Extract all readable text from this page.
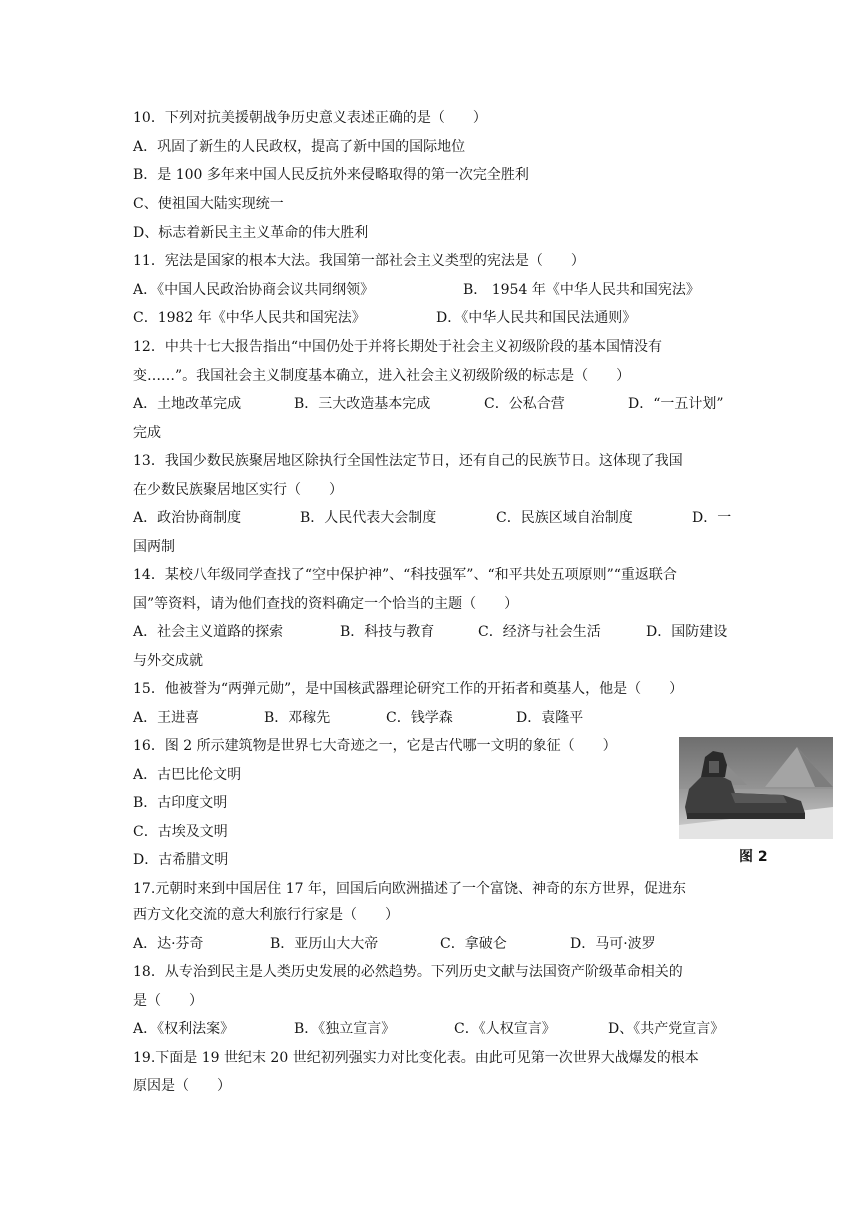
10．下列对抗美援朝战争历史意义表述正确的是（　　）
A．巩固了新生的人民政权，提高了新中国的国际地位
B．是 100 多年来中国人民反抗外来侵略取得的第一次完全胜利
C、使祖国大陆实现统一
D、标志着新民主主义革命的伟大胜利
11．宪法是国家的根本大法。我国第一部社会主义类型的宪法是（　　）
A．《中国人民政治协商会议共同纲领》	B． 1954 年《中华人民共和国宪法》
C．1982 年《中华人民共和国宪法》	D．《中华人民共和国民法通则》
12．中共十七大报告指出“中国仍处于并将长期处于社会主义初级阶段的基本国情没有
变……”。我国社会主义制度基本确立，进入社会主义初级阶级的标志是（　　）
A．土地改革完成	B．三大改造基本完成	C．公私合营	D．“一五计划”
完成
13．我国少数民族聚居地区除执行全国性法定节日，还有自己的民族节日。这体现了我国
在少数民族聚居地区实行（　　）
A．政治协商制度	B．人民代表大会制度	C．民族区域自治制度	D．一
国两制
14．某校八年级同学查找了“空中保护神”、“科技强军”、“和平共处五项原则”“重返联合
国”等资料，请为他们查找的资料确定一个恰当的主题（　　）
A．社会主义道路的探索	B．科技与教育	C．经济与社会生活	D．国防建设
与外交成就
15．他被誉为“两弹元勋”，是中国核武器理论研究工作的开拓者和奠基人，他是（　　）
A．王进喜	B．邓稼先	C．钱学森	D．袁隆平
16．图 2 所示建筑物是世界七大奇迹之一，它是古代哪一文明的象征（　　）
A．古巴比伦文明
B．古印度文明
C．古埃及文明
D．古希腊文明	图 2
17.元朝时来到中国居住 17 年，回国后向欧洲描述了一个富饶、神奇的东方世界，促进东
西方文化交流的意大利旅行行家是（　　）
A．达·芬奇	B．亚历山大大帝	C．拿破仑	D．马可·波罗
18．从专治到民主是人类历史发展的必然趋势。下列历史文献与法国资产阶级革命相关的
是（　　）
A．《权利法案》	B．《独立宣言》	C．《人权宣言》	D、《共产党宣言》
19.下面是 19 世纪末 20 世纪初列强实力对比变化表。由此可见第一次世界大战爆发的根本
原因是（　　）
